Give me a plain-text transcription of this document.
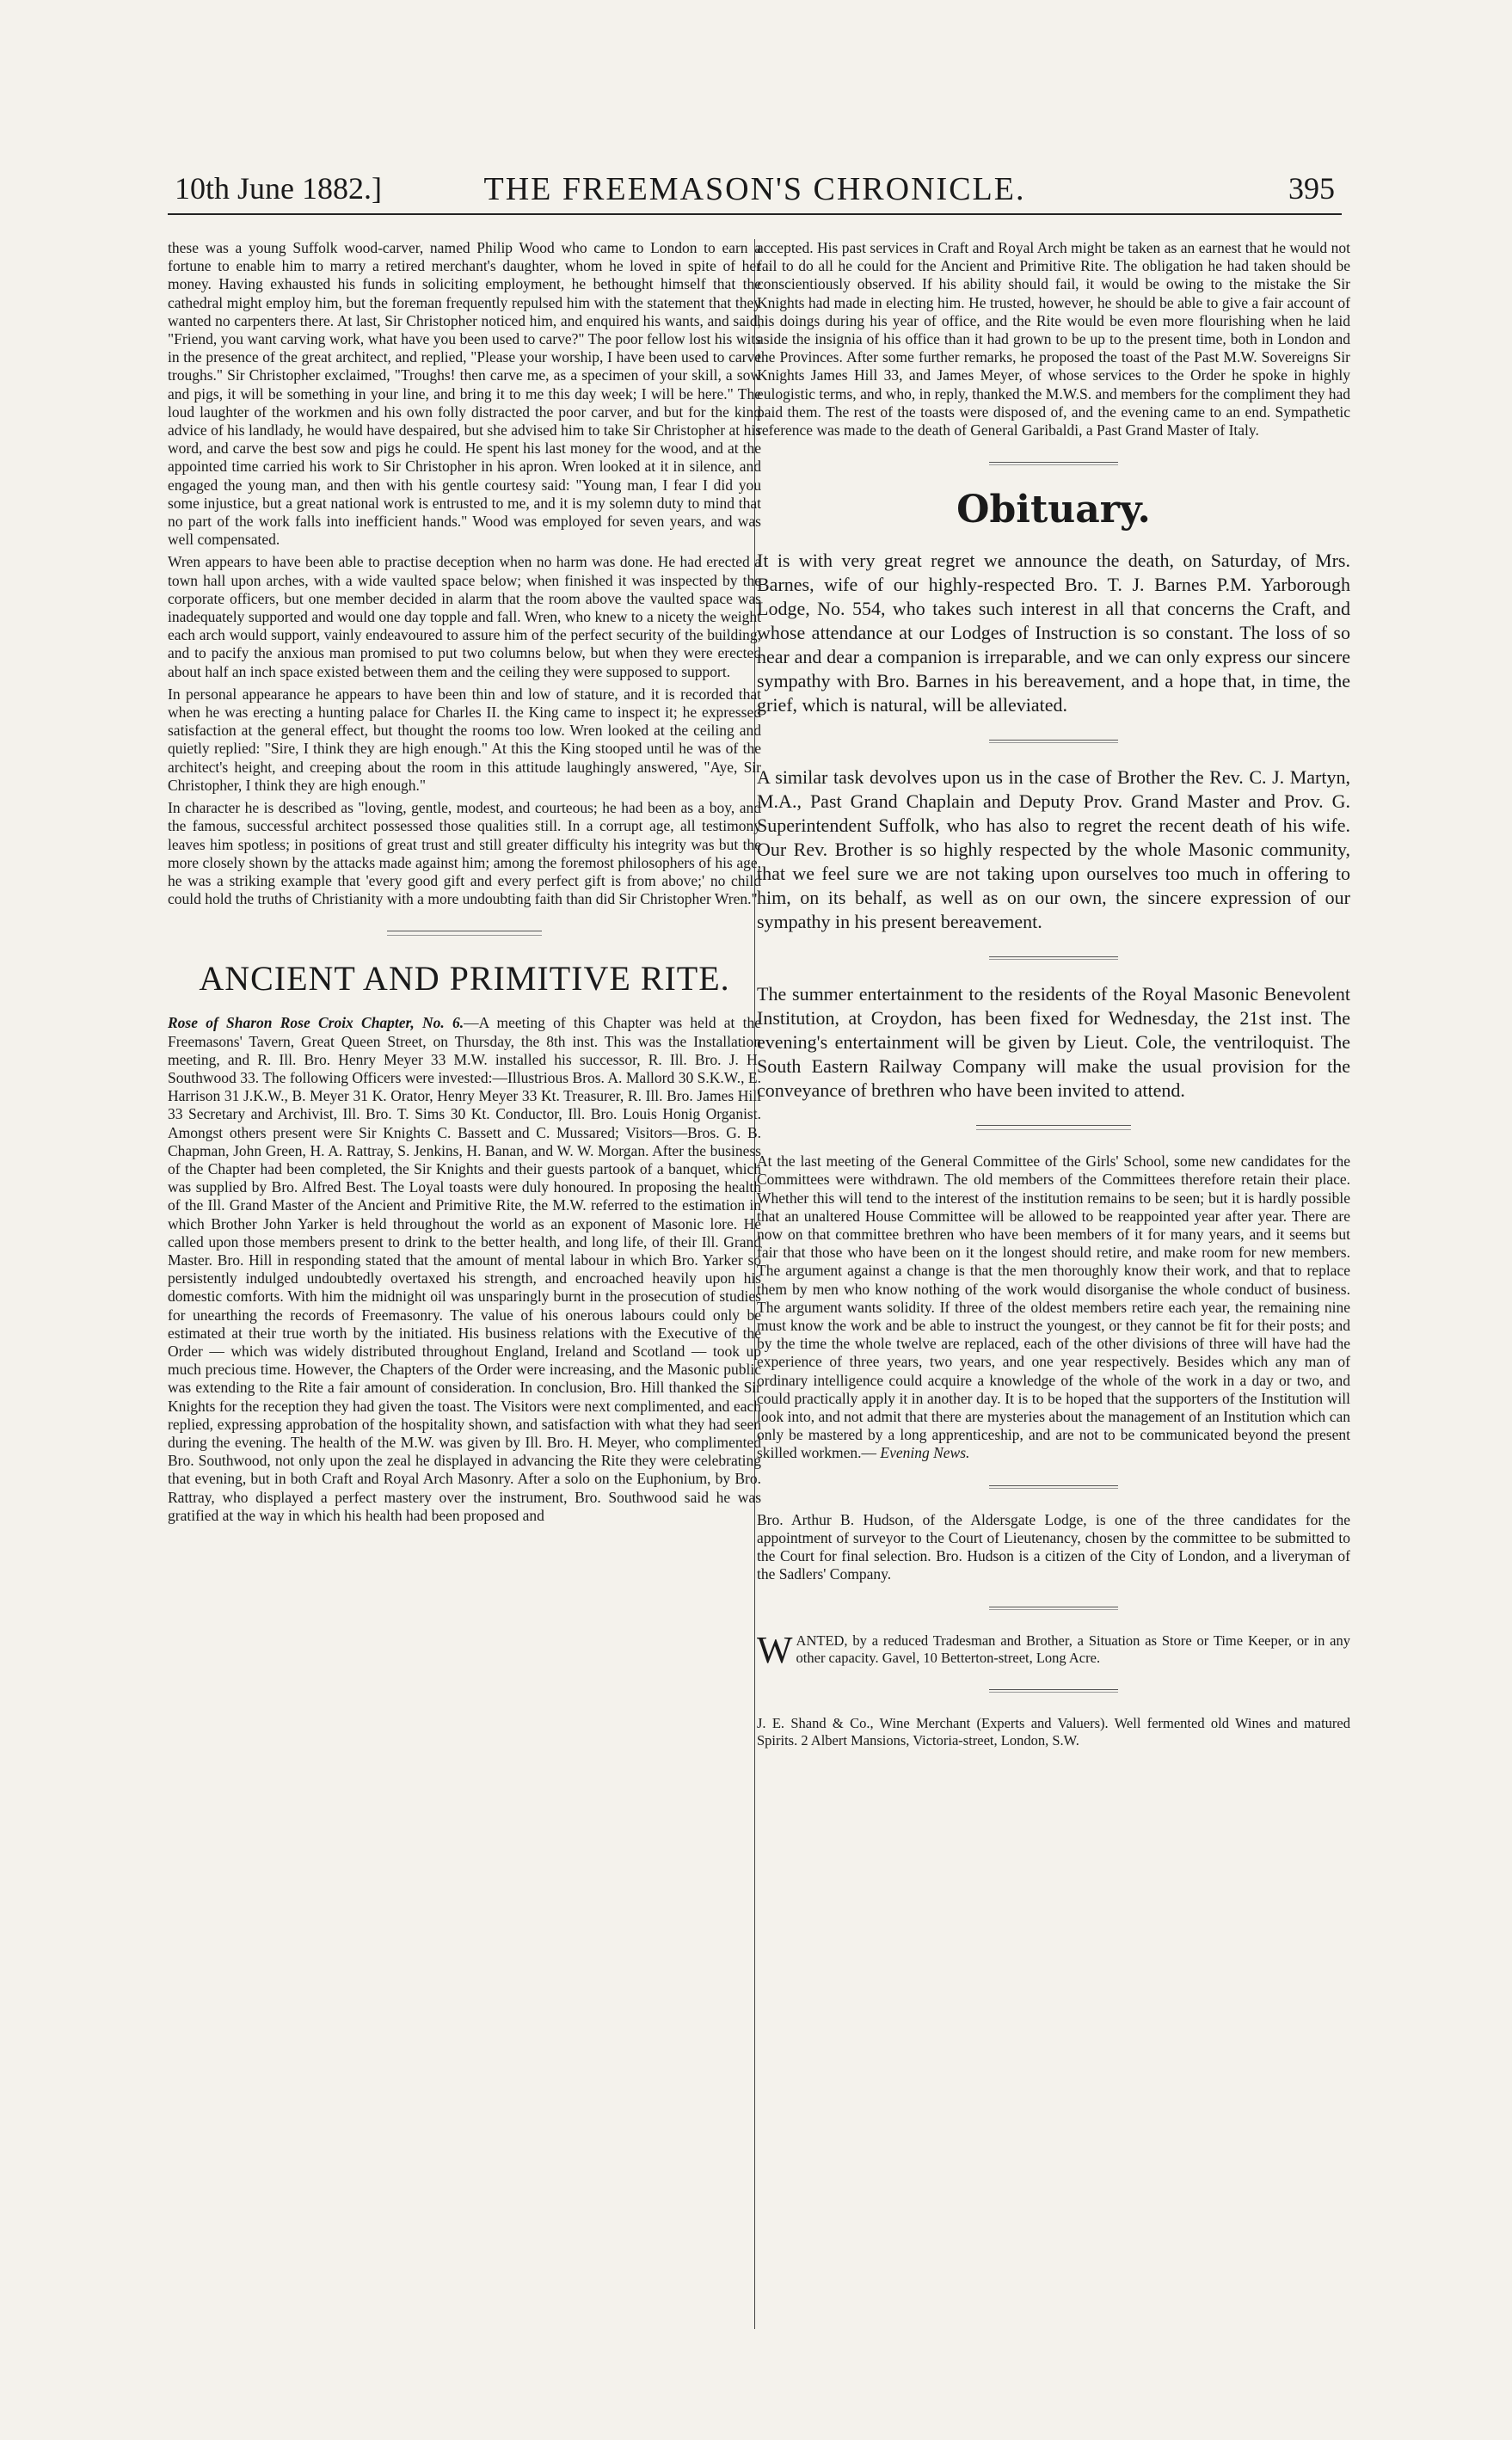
10th June 1882.]	THE FREEMASON'S CHRONICLE.	395

these was a young Suffolk wood-carver, named Philip Wood who came to London to earn a fortune to enable him to marry a retired merchant's daughter, whom he loved in spite of her money. Having exhausted his funds in soliciting employment, he bethought himself that the cathedral might employ him, but the foreman frequently repulsed him with the statement that they wanted no carpenters there. At last, Sir Christopher noticed him, and enquired his wants, and said, "Friend, you want carving work, what have you been used to carve?" The poor fellow lost his wits in the presence of the great architect, and replied, "Please your worship, I have been used to carve troughs." Sir Christopher exclaimed, "Troughs! then carve me, as a specimen of your skill, a sow and pigs, it will be something in your line, and bring it to me this day week; I will be here." The loud laughter of the workmen and his own folly distracted the poor carver, and but for the kind advice of his landlady, he would have despaired, but she advised him to take Sir Christopher at his word, and carve the best sow and pigs he could. He spent his last money for the wood, and at the appointed time carried his work to Sir Christopher in his apron. Wren looked at it in silence, and engaged the young man, and then with his gentle courtesy said: "Young man, I fear I did you some injustice, but a great national work is entrusted to me, and it is my solemn duty to mind that no part of the work falls into inefficient hands." Wood was employed for seven years, and was well compensated.

Wren appears to have been able to practise deception when no harm was done. He had erected a town hall upon arches, with a wide vaulted space below; when finished it was inspected by the corporate officers, but one member decided in alarm that the room above the vaulted space was inadequately supported and would one day topple and fall. Wren, who knew to a nicety the weight each arch would support, vainly endeavoured to assure him of the perfect security of the building, and to pacify the anxious man promised to put two columns below, but when they were erected about half an inch space existed between them and the ceiling they were supposed to support.

In personal appearance he appears to have been thin and low of stature, and it is recorded that when he was erecting a hunting palace for Charles II. the King came to inspect it; he expressed satisfaction at the general effect, but thought the rooms too low. Wren looked at the ceiling and quietly replied: "Sire, I think they are high enough." At this the King stooped until he was of the architect's height, and creeping about the room in this attitude laughingly answered, "Aye, Sir Christopher, I think they are high enough."

In character he is described as "loving, gentle, modest, and courteous; he had been as a boy, and the famous, successful architect possessed those qualities still. In a corrupt age, all testimony leaves him spotless; in positions of great trust and still greater difficulty his integrity was but the more closely shown by the attacks made against him; among the foremost philosophers of his age, he was a striking example that 'every good gift and every perfect gift is from above;' no child could hold the truths of Christianity with a more undoubting faith than did Sir Christopher Wren."

ANCIENT AND PRIMITIVE RITE.

Rose of Sharon Rose Croix Chapter, No. 6.—A meeting of this Chapter was held at the Freemasons' Tavern, Great Queen Street, on Thursday, the 8th inst. This was the Installation meeting, and R. Ill. Bro. Henry Meyer 33 M.W. installed his successor, R. Ill. Bro. J. H. Southwood 33. The following Officers were invested:—Illustrious Bros. A. Mallord 30 S.K.W., E. Harrison 31 J.K.W., B. Meyer 31 K. Orator, Henry Meyer 33 Kt. Treasurer, R. Ill. Bro. James Hill 33 Secretary and Archivist, Ill. Bro. T. Sims 30 Kt. Conductor, Ill. Bro. Louis Honig Organist. Amongst others present were Sir Knights C. Bassett and C. Mussared; Visitors—Bros. G. B. Chapman, John Green, H. A. Rattray, S. Jenkins, H. Banan, and W. W. Morgan. After the business of the Chapter had been completed, the Sir Knights and their guests partook of a banquet, which was supplied by Bro. Alfred Best. The Loyal toasts were duly honoured. In proposing the health of the Ill. Grand Master of the Ancient and Primitive Rite, the M.W. referred to the estimation in which Brother John Yarker is held throughout the world as an exponent of Masonic lore. He called upon those members present to drink to the better health, and long life, of their Ill. Grand Master. Bro. Hill in responding stated that the amount of mental labour in which Bro. Yarker so persistently indulged undoubtedly overtaxed his strength, and encroached heavily upon his domestic comforts. With him the midnight oil was unsparingly burnt in the prosecution of studies for unearthing the records of Freemasonry. The value of his onerous labours could only be estimated at their true worth by the initiated. His business relations with the Executive of the Order — which was widely distributed throughout England, Ireland and Scotland — took up much precious time. However, the Chapters of the Order were increasing, and the Masonic public was extending to the Rite a fair amount of consideration. In conclusion, Bro. Hill thanked the Sir Knights for the reception they had given the toast. The Visitors were next complimented, and each replied, expressing approbation of the hospitality shown, and satisfaction with what they had seen during the evening. The health of the M.W. was given by Ill. Bro. H. Meyer, who complimented Bro. Southwood, not only upon the zeal he displayed in advancing the Rite they were celebrating that evening, but in both Craft and Royal Arch Masonry. After a solo on the Euphonium, by Bro. Rattray, who displayed a perfect mastery over the instrument, Bro. Southwood said he was gratified at the way in which his health had been proposed and

accepted. His past services in Craft and Royal Arch might be taken as an earnest that he would not fail to do all he could for the Ancient and Primitive Rite. The obligation he had taken should be conscientiously observed. If his ability should fail, it would be owing to the mistake the Sir Knights had made in electing him. He trusted, however, he should be able to give a fair account of his doings during his year of office, and the Rite would be even more flourishing when he laid aside the insignia of his office than it had grown to be up to the present time, both in London and the Provinces. After some further remarks, he proposed the toast of the Past M.W. Sovereigns Sir Knights James Hill 33, and James Meyer, of whose services to the Order he spoke in highly eulogistic terms, and who, in reply, thanked the M.W.S. and members for the compliment they had paid them. The rest of the toasts were disposed of, and the evening came to an end. Sympathetic reference was made to the death of General Garibaldi, a Past Grand Master of Italy.

Obituary.

It is with very great regret we announce the death, on Saturday, of Mrs. Barnes, wife of our highly-respected Bro. T. J. Barnes P.M. Yarborough Lodge, No. 554, who takes such interest in all that concerns the Craft, and whose attendance at our Lodges of Instruction is so constant. The loss of so near and dear a companion is irreparable, and we can only express our sincere sympathy with Bro. Barnes in his bereavement, and a hope that, in time, the grief, which is natural, will be alleviated.

A similar task devolves upon us in the case of Brother the Rev. C. J. Martyn, M.A., Past Grand Chaplain and Deputy Prov. Grand Master and Prov. G. Superintendent Suffolk, who has also to regret the recent death of his wife. Our Rev. Brother is so highly respected by the whole Masonic community, that we feel sure we are not taking upon ourselves too much in offering to him, on its behalf, as well as on our own, the sincere expression of our sympathy in his present bereavement.

The summer entertainment to the residents of the Royal Masonic Benevolent Institution, at Croydon, has been fixed for Wednesday, the 21st inst. The evening's entertainment will be given by Lieut. Cole, the ventriloquist. The South Eastern Railway Company will make the usual provision for the conveyance of brethren who have been invited to attend.

At the last meeting of the General Committee of the Girls' School, some new candidates for the Committees were withdrawn. The old members of the Committees therefore retain their place. Whether this will tend to the interest of the institution remains to be seen; but it is hardly possible that an unaltered House Committee will be allowed to be reappointed year after year. There are now on that committee brethren who have been members of it for many years, and it seems but fair that those who have been on it the longest should retire, and make room for new members. The argument against a change is that the men thoroughly know their work, and that to replace them by men who know nothing of the work would disorganise the whole conduct of business. The argument wants solidity. If three of the oldest members retire each year, the remaining nine must know the work and be able to instruct the youngest, or they cannot be fit for their posts; and by the time the whole twelve are replaced, each of the other divisions of three will have had the experience of three years, two years, and one year respectively. Besides which any man of ordinary intelligence could acquire a knowledge of the whole of the work in a day or two, and could practically apply it in another day. It is to be hoped that the supporters of the Institution will look into, and not admit that there are mysteries about the management of an Institution which can only be mastered by a long apprenticeship, and are not to be communicated beyond the present skilled workmen.— Evening News.

Bro. Arthur B. Hudson, of the Aldersgate Lodge, is one of the three candidates for the appointment of surveyor to the Court of Lieutenancy, chosen by the committee to be submitted to the Court for final selection. Bro. Hudson is a citizen of the City of London, and a liveryman of the Sadlers' Company.

WANTED, by a reduced Tradesman and Brother, a Situation as Store or Time Keeper, or in any other capacity. Gavel, 10 Betterton-street, Long Acre.

J. E. Shand & Co., Wine Merchant (Experts and Valuers). Well fermented old Wines and matured Spirits. 2 Albert Mansions, Victoria-street, London, S.W.
